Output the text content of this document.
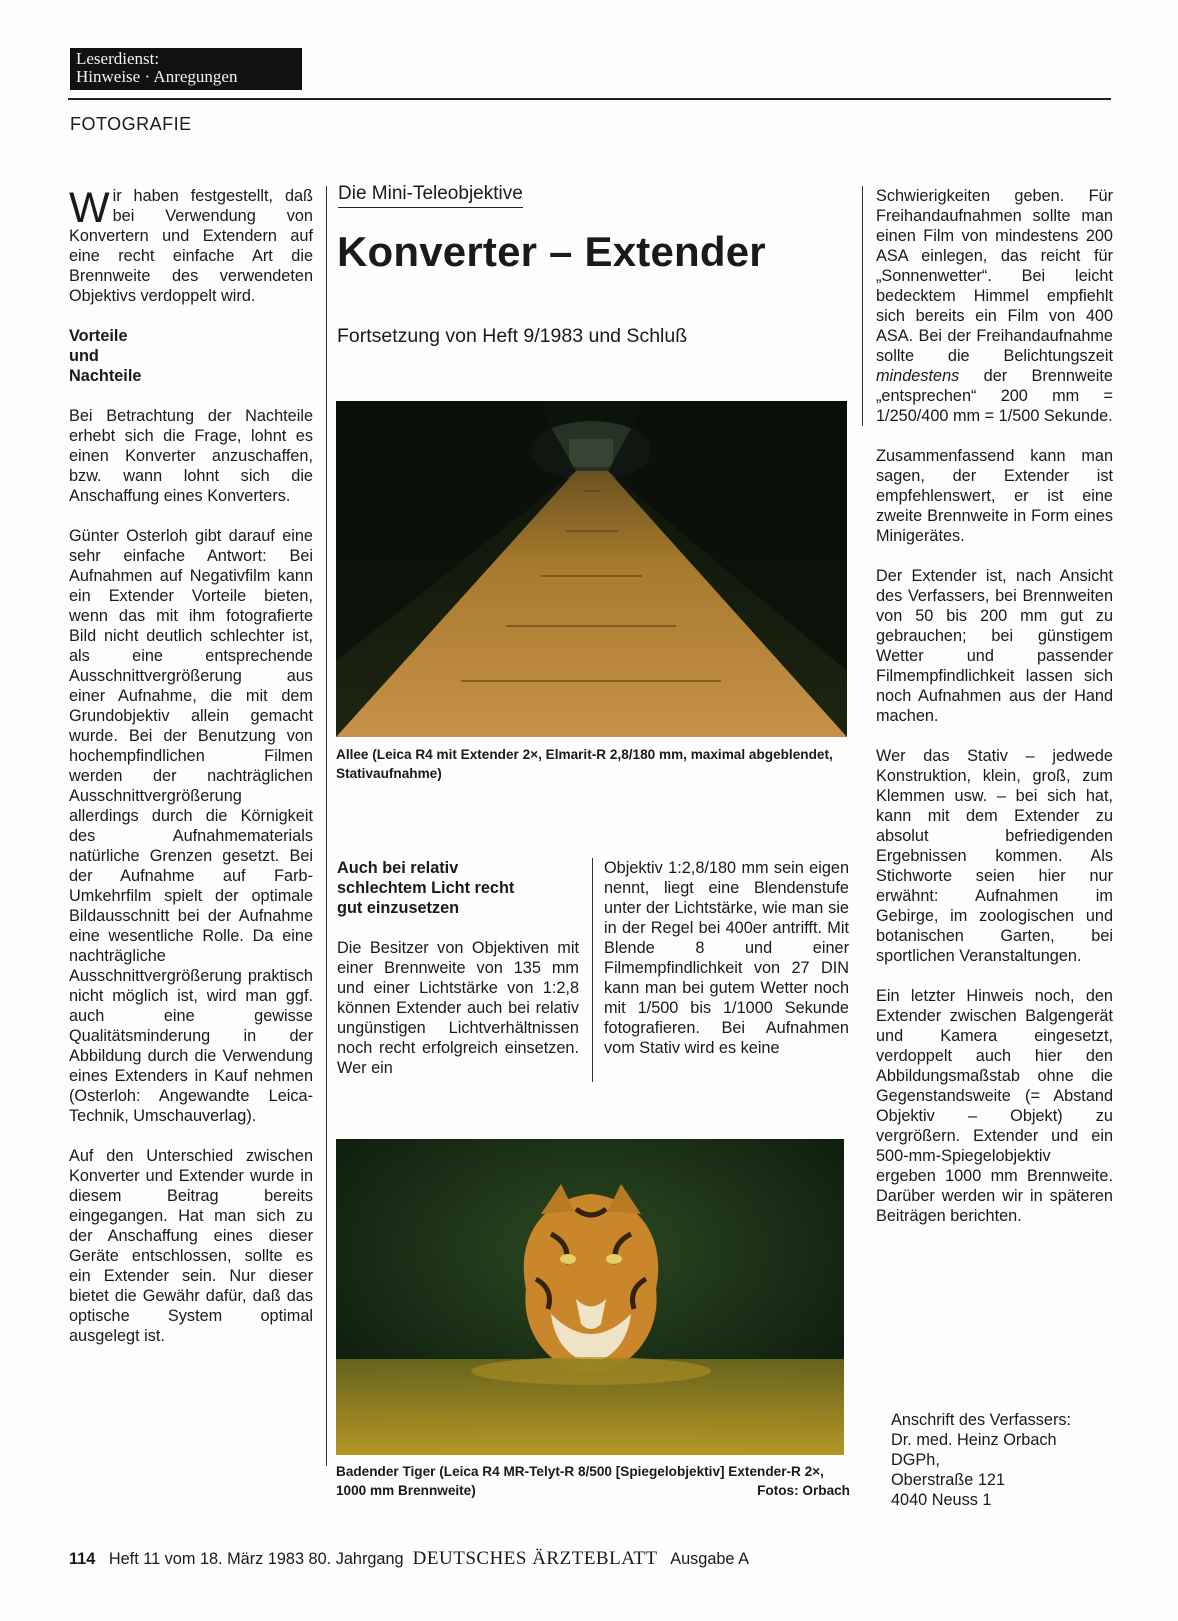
Leserdienst:
Hinweise · Anregungen
FOTOGRAFIE

Wir haben festgestellt, daß bei Verwendung von Konvertern und Extendern auf eine recht einfache Art die Brennweite des verwendeten Objektivs verdoppelt wird.

Vorteile
und
Nachteile

Bei Betrachtung der Nachteile erhebt sich die Frage, lohnt es einen Konverter anzuschaffen, bzw. wann lohnt sich die Anschaffung eines Konverters.

Günter Osterloh gibt darauf eine sehr einfache Antwort: Bei Aufnahmen auf Negativfilm kann ein Extender Vorteile bieten, wenn das mit ihm fotografierte Bild nicht deutlich schlechter ist, als eine entsprechende Ausschnittvergrößerung aus einer Aufnahme, die mit dem Grundobjektiv allein gemacht wurde. Bei der Benutzung von hochempfindlichen Filmen werden der nachträglichen Ausschnittvergrößerung allerdings durch die Körnigkeit des Aufnahmematerials natürliche Grenzen gesetzt. Bei der Aufnahme auf Farb-Umkehrfilm spielt der optimale Bildausschnitt bei der Aufnahme eine wesentliche Rolle. Da eine nachträgliche Ausschnittvergrößerung praktisch nicht möglich ist, wird man ggf. auch eine gewisse Qualitätsminderung in der Abbildung durch die Verwendung eines Extenders in Kauf nehmen (Osterloh: Angewandte Leica-Technik, Umschauverlag).

Auf den Unterschied zwischen Konverter und Extender wurde in diesem Beitrag bereits eingegangen. Hat man sich zu der Anschaffung eines dieser Geräte entschlossen, sollte es ein Extender sein. Nur dieser bietet die Gewähr dafür, daß das optische System optimal ausgelegt ist.

Die Mini-Teleobjektive
Konverter – Extender
Fortsetzung von Heft 9/1983 und Schluß
Allee (Leica R4 mit Extender 2×, Elmarit-R 2,8/180 mm, maximal abgeblendet, Stativaufnahme)
Auch bei relativ
schlechtem Licht recht
gut einzusetzen

Die Besitzer von Objektiven mit einer Brennweite von 135 mm und einer Lichtstärke von 1:2,8 können Extender auch bei relativ ungünstigen Lichtverhältnissen noch recht erfolgreich einsetzen. Wer ein

Objektiv 1:2,8/180 mm sein eigen nennt, liegt eine Blendenstufe unter der Lichtstärke, wie man sie in der Regel bei 400er antrifft. Mit Blende 8 und einer Filmempfindlichkeit von 27 DIN kann man bei gutem Wetter noch mit 1/500 bis 1/1000 Sekunde fotografieren. Bei Aufnahmen vom Stativ wird es keine

Badender Tiger (Leica R4 MR-Telyt-R 8/500 [Spiegelobjektiv] Extender-R 2×, 1000 mm Brennweite)	Fotos: Orbach

Schwierigkeiten geben. Für Freihandaufnahmen sollte man einen Film von mindestens 200 ASA einlegen, das reicht für „Sonnenwetter“. Bei leicht bedecktem Himmel empfiehlt sich bereits ein Film von 400 ASA. Bei der Freihandaufnahme sollte die Belichtungszeit mindestens der Brennweite „entsprechen“ 200 mm = 1/250/400 mm = 1/500 Sekunde.

Zusammenfassend kann man sagen, der Extender ist empfehlenswert, er ist eine zweite Brennweite in Form eines Minigerätes.

Der Extender ist, nach Ansicht des Verfassers, bei Brennweiten von 50 bis 200 mm gut zu gebrauchen; bei günstigem Wetter und passender Filmempfindlichkeit lassen sich noch Aufnahmen aus der Hand machen.

Wer das Stativ – jedwede Konstruktion, klein, groß, zum Klemmen usw. – bei sich hat, kann mit dem Extender zu absolut befriedigenden Ergebnissen kommen. Als Stichworte seien hier nur erwähnt: Aufnahmen im Gebirge, im zoologischen und botanischen Garten, bei sportlichen Veranstaltungen.

Ein letzter Hinweis noch, den Extender zwischen Balgengerät und Kamera eingesetzt, verdoppelt auch hier den Abbildungsmaßstab ohne die Gegenstandsweite (= Abstand Objektiv – Objekt) zu vergrößern. Extender und ein 500-mm-Spiegelobjektiv ergeben 1000 mm Brennweite. Darüber werden wir in späteren Beiträgen berichten.

Anschrift des Verfassers:
Dr. med. Heinz Orbach
DGPh,
Oberstraße 121
4040 Neuss 1
114 Heft 11 vom 18. März 1983 80. Jahrgang DEUTSCHES ÄRZTEBLATT Ausgabe A
